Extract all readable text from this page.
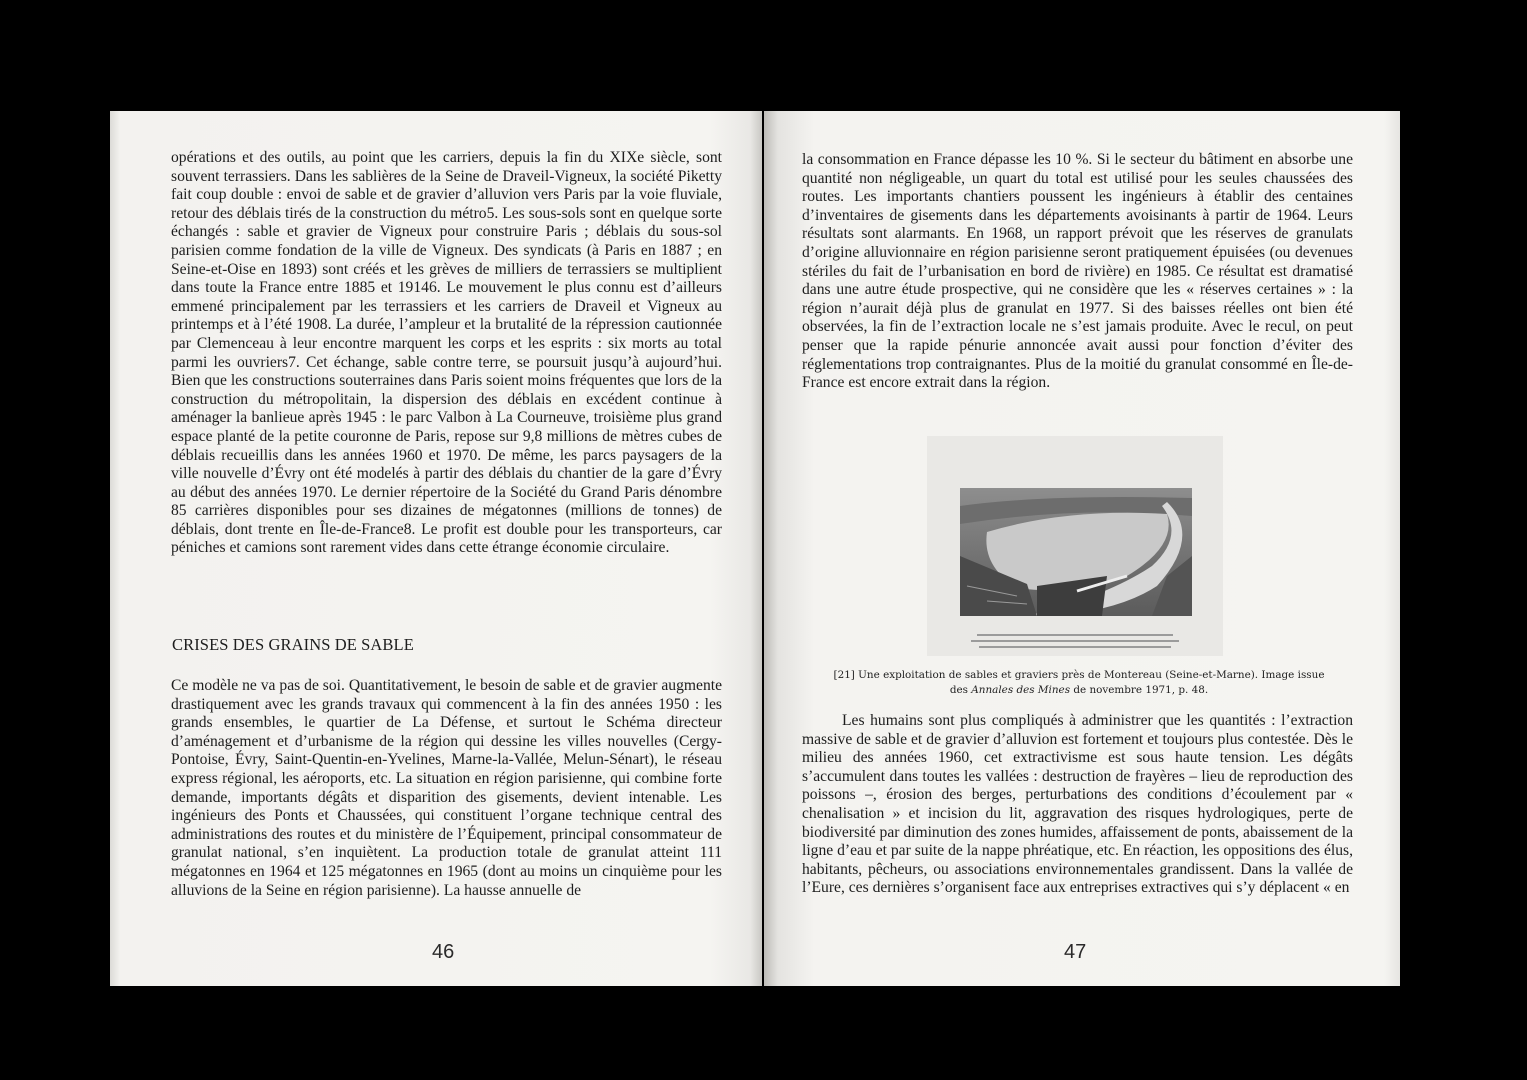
opérations et des outils, au point que les carriers, depuis la fin du XIXe siècle, sont souvent terrassiers. Dans les sablières de la Seine de Draveil-Vigneux, la société Piketty fait coup double : envoi de sable et de gravier d’alluvion vers Paris par la voie fluviale, retour des déblais tirés de la construction du métro5. Les sous-sols sont en quelque sorte échangés : sable et gravier de Vigneux pour construire Paris ; déblais du sous-sol parisien comme fondation de la ville de Vigneux. Des syndicats (à Paris en 1887 ; en Seine-et-Oise en 1893) sont créés et les grèves de milliers de terrassiers se multiplient dans toute la France entre 1885 et 19146. Le mouvement le plus connu est d’ailleurs emmené principalement par les terrassiers et les carriers de Draveil et Vigneux au printemps et à l’été 1908. La durée, l’ampleur et la brutalité de la répression cautionnée par Clemenceau à leur encontre marquent les corps et les esprits : six morts au total parmi les ouvriers7. Cet échange, sable contre terre, se poursuit jusqu’à aujourd’hui. Bien que les constructions souterraines dans Paris soient moins fréquentes que lors de la construction du métropolitain, la dispersion des déblais en excédent continue à aménager la banlieue après 1945 : le parc Valbon à La Courneuve, troisième plus grand espace planté de la petite couronne de Paris, repose sur 9,8 millions de mètres cubes de déblais recueillis dans les années 1960 et 1970. De même, les parcs paysagers de la ville nouvelle d’Évry ont été modelés à partir des déblais du chantier de la gare d’Évry au début des années 1970. Le dernier répertoire de la Société du Grand Paris dénombre 85 carrières disponibles pour ses dizaines de mégatonnes (millions de tonnes) de déblais, dont trente en Île-de-France8. Le profit est double pour les transporteurs, car péniches et camions sont rarement vides dans cette étrange économie circulaire.

CRISES DES GRAINS DE SABLE

Ce modèle ne va pas de soi. Quantitativement, le besoin de sable et de gravier augmente drastiquement avec les grands travaux qui commencent à la fin des années 1950 : les grands ensembles, le quartier de La Défense, et surtout le Schéma directeur d’aménagement et d’urbanisme de la région qui dessine les villes nouvelles (Cergy-Pontoise, Évry, Saint-Quentin-en-Yvelines, Marne-la-Vallée, Melun-Sénart), le réseau express régional, les aéroports, etc. La situation en région parisienne, qui combine forte demande, importants dégâts et disparition des gisements, devient intenable. Les ingénieurs des Ponts et Chaussées, qui constituent l’organe technique central des administrations des routes et du ministère de l’Équipement, principal consommateur de granulat national, s’en inquiètent. La production totale de granulat atteint 111 mégatonnes en 1964 et 125 mégatonnes en 1965 (dont au moins un cinquième pour les alluvions de la Seine en région parisienne). La hausse annuelle de

46

la consommation en France dépasse les 10 %. Si le secteur du bâtiment en absorbe une quantité non négligeable, un quart du total est utilisé pour les seules chaussées des routes. Les importants chantiers poussent les ingénieurs à établir des centaines d’inventaires de gisements dans les départements avoisinants à partir de 1964. Leurs résultats sont alarmants. En 1968, un rapport prévoit que les réserves de granulats d’origine alluvionnaire en région parisienne seront pratiquement épuisées (ou devenues stériles du fait de l’urbanisation en bord de rivière) en 1985. Ce résultat est dramatisé dans une autre étude prospective, qui ne considère que les « réserves certaines » : la région n’aurait déjà plus de granulat en 1977. Si des baisses réelles ont bien été observées, la fin de l’extraction locale ne s’est jamais produite. Avec le recul, on peut penser que la rapide pénurie annoncée avait aussi pour fonction d’éviter des réglementations trop contraignantes. Plus de la moitié du granulat consommé en Île-de-France est encore extrait dans la région.

[21] Une exploitation de sables et graviers près de Montereau (Seine-et-Marne). Image issue des Annales des Mines de novembre 1971, p. 48.

Les humains sont plus compliqués à administrer que les quantités : l’extraction massive de sable et de gravier d’alluvion est fortement et toujours plus contestée. Dès le milieu des années 1960, cet extractivisme est sous haute tension. Les dégâts s’accumulent dans toutes les vallées : destruction de frayères – lieu de reproduction des poissons –, érosion des berges, perturbations des conditions d’écoulement par « chenalisation » et incision du lit, aggravation des risques hydrologiques, perte de biodiversité par diminution des zones humides, affaissement de ponts, abaissement de la ligne d’eau et par suite de la nappe phréatique, etc. En réaction, les oppositions des élus, habitants, pêcheurs, ou associations environnementales grandissent. Dans la vallée de l’Eure, ces dernières s’organisent face aux entreprises extractives qui s’y déplacent « en

47
